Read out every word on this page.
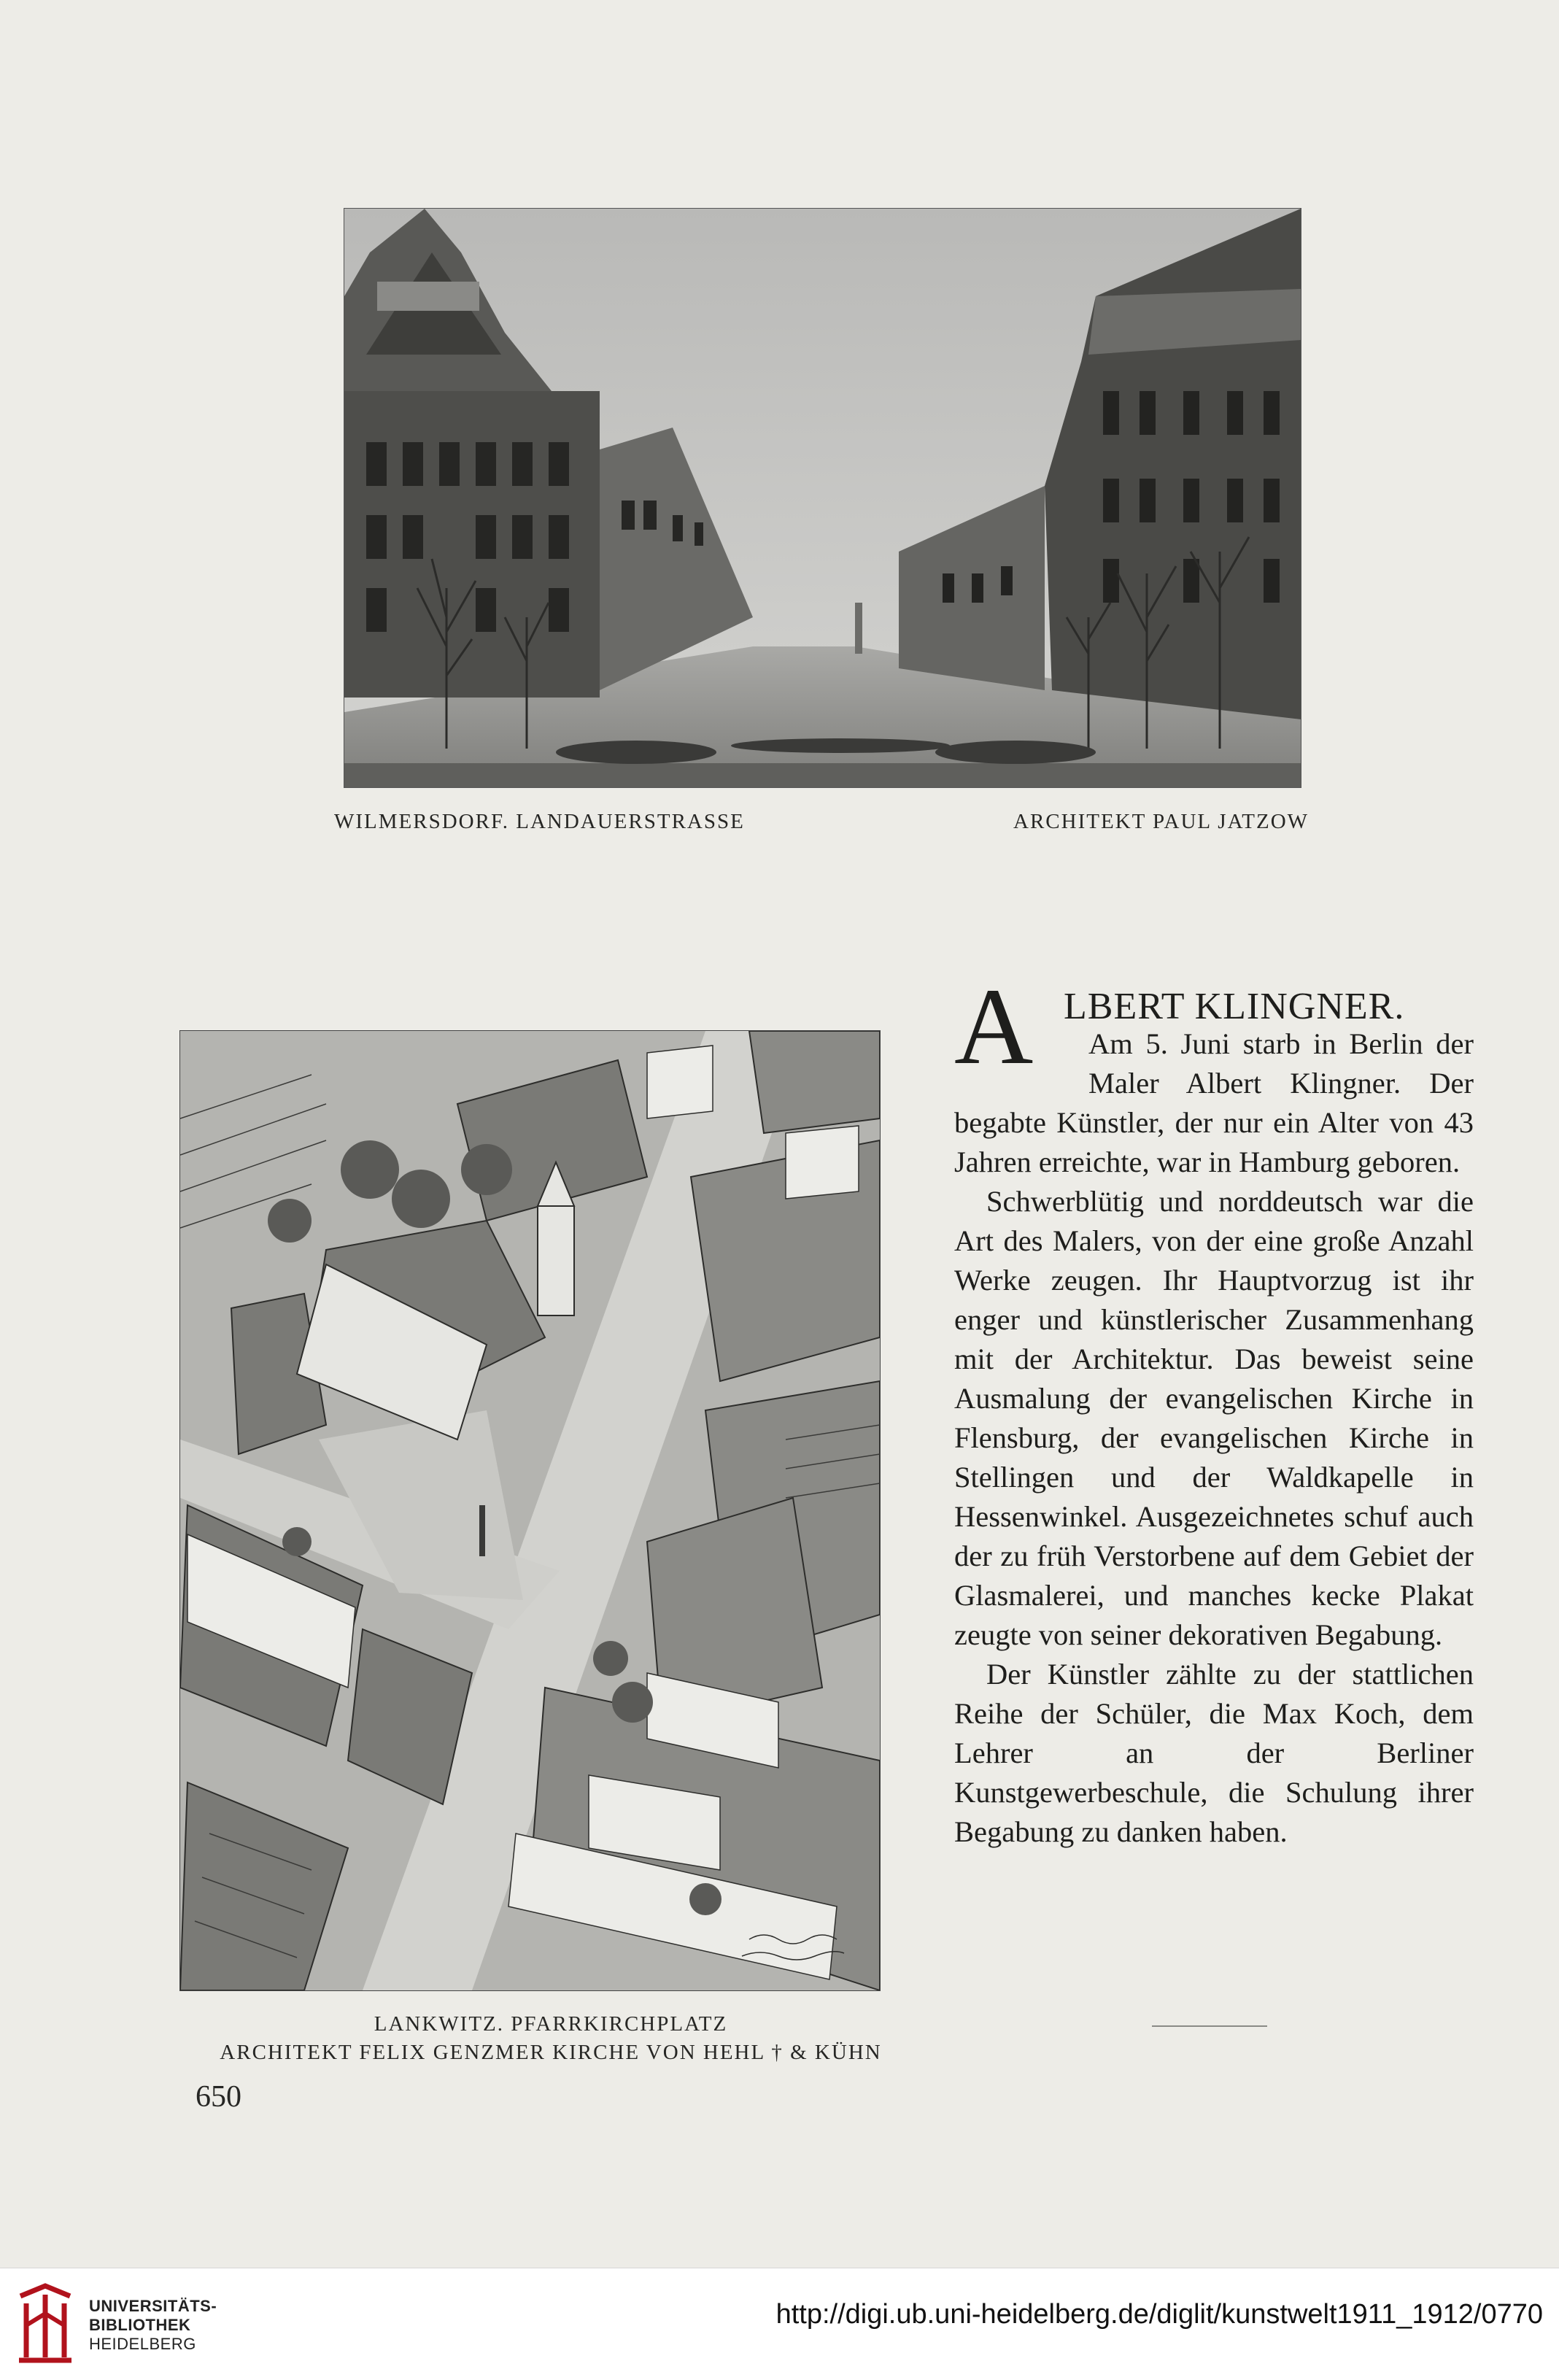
WILMERSDORF. LANDAUERSTRASSE	ARCHITEKT PAUL JATZOW
LANKWITZ. PFARRKIRCHPLATZ
ARCHITEKT FELIX GENZMER KIRCHE VON HEHL † & KÜHN
650
A LBERT KLINGNER.

Am 5. Juni starb in Berlin der Maler Albert Klingner. Der begabte Künstler, der nur ein Alter von 43 Jahren erreichte, war in Hamburg geboren.

Schwerblütig und norddeutsch war die Art des Malers, von der eine große Anzahl Werke zeugen. Ihr Hauptvorzug ist ihr enger und künstlerischer Zusammenhang mit der Architektur. Das beweist seine Ausmalung der evangelischen Kirche in Flensburg, der evangelischen Kirche in Stellingen und der Waldkapelle in Hessenwinkel. Ausgezeichnetes schuf auch der zu früh Verstorbene auf dem Gebiet der Glasmalerei, und manches kecke Plakat zeugte von seiner dekorativen Begabung.

Der Künstler zählte zu der stattlichen Reihe der Schüler, die Max Koch, dem Lehrer an der Berliner Kunstgewerbeschule, die Schulung ihrer Begabung zu danken haben.

UNIVERSITÄTS-
BIBLIOTHEK
HEIDELBERG
http://digi.ub.uni-heidelberg.de/diglit/kunstwelt1911_1912/0770
